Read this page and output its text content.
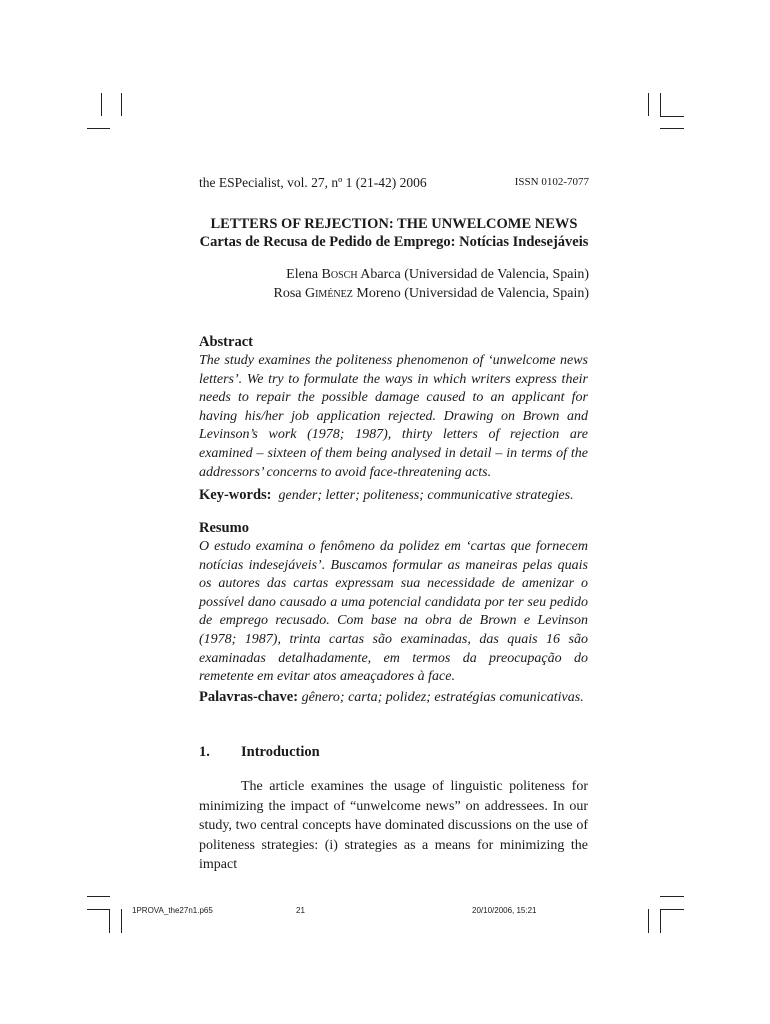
the ESPecialist, vol. 27, nº 1 (21-42) 2006	ISSN 0102-7077
LETTERS OF REJECTION: THE UNWELCOME NEWS
Cartas de Recusa de Pedido de Emprego: Notícias Indesejáveis
Elena Bosch Abarca (Universidad de Valencia, Spain)
Rosa Giménez Moreno (Universidad de Valencia, Spain)
Abstract
The study examines the politeness phenomenon of ‘unwelcome news letters’. We try to formulate the ways in which writers express their needs to repair the possible damage caused to an applicant for having his/her job application rejected. Drawing on Brown and Levinson’s work (1978; 1987), thirty letters of rejection are examined – sixteen of them being analysed in detail – in terms of the addressors’ concerns to avoid face-threatening acts.
Key-words: gender; letter; politeness; communicative strategies.
Resumo
O estudo examina o fenômeno da polidez em ‘cartas que fornecem notícias indesejáveis’. Buscamos formular as maneiras pelas quais os autores das cartas expressam sua necessidade de amenizar o possível dano causado a uma potencial candidata por ter seu pedido de emprego recusado. Com base na obra de Brown e Levinson (1978; 1987), trinta cartas são examinadas, das quais 16 são examinadas detalhadamente, em termos da preocupação do remetente em evitar atos ameaçadores à face.
Palavras-chave: gênero; carta; polidez; estratégias comunicativas.
1. Introduction
The article examines the usage of linguistic politeness for minimizing the impact of “unwelcome news” on addressees. In our study, two central concepts have dominated discussions on the use of politeness strategies: (i) strategies as a means for minimizing the impact
1PROVA_the27n1.p65	21	20/10/2006, 15:21
